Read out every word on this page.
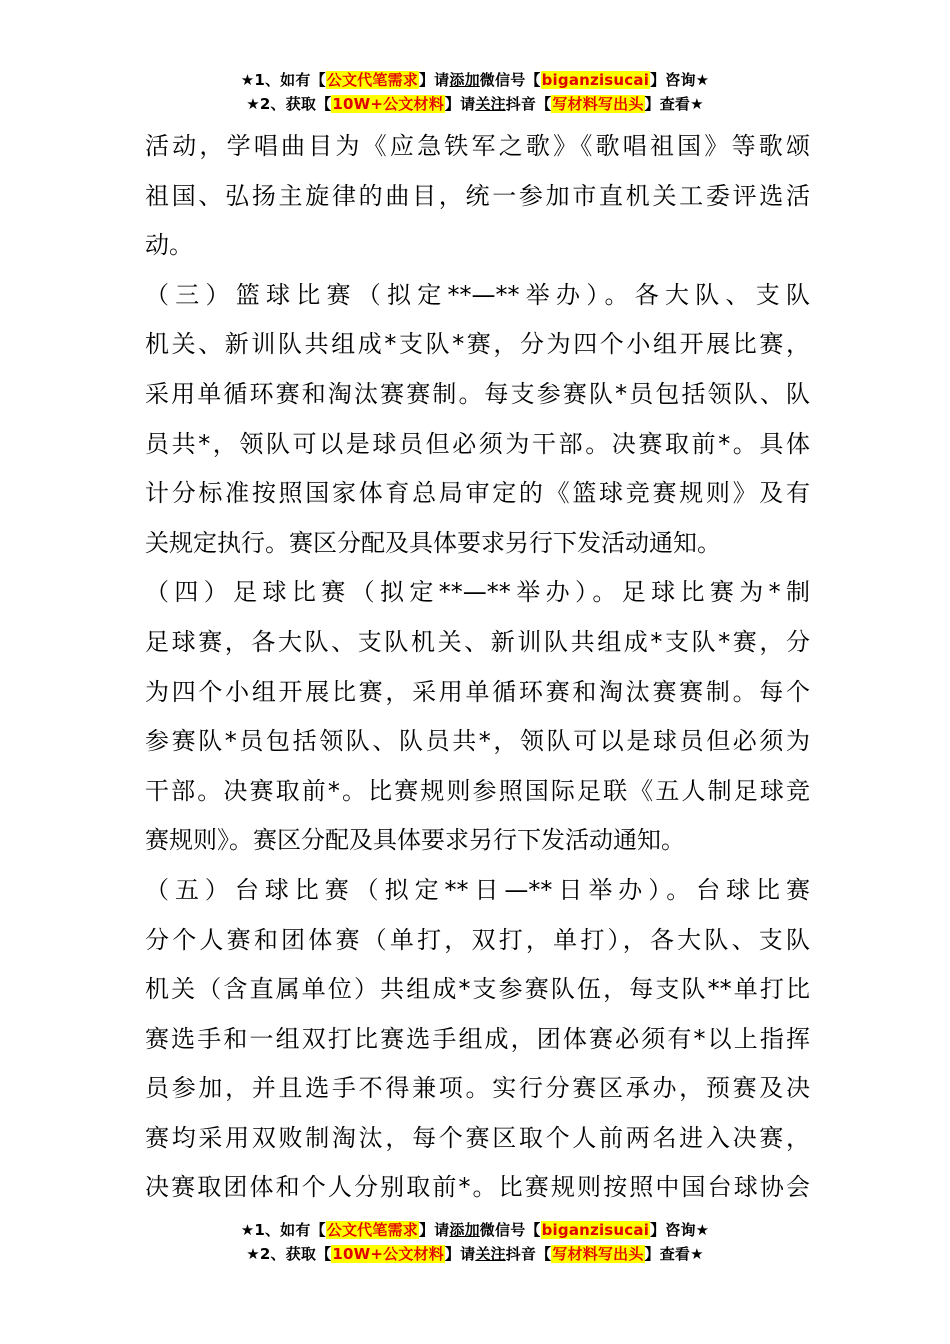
★1、如有【公文代笔需求】请添加微信号【biganzisucai】咨询★
★2、获取【10W+公文材料】请关注抖音【写材料写出头】查看★
活动，学唱曲目为《应急铁军之歌》《歌唱祖国》等歌颂
祖国、弘扬主旋律的曲目，统一参加市直机关工委评选活
动。
（三）篮球比赛（拟定**—**举办）。各大队、支队
机关、新训队共组成*支队*赛，分为四个小组开展比赛，
采用单循环赛和淘汰赛赛制。每支参赛队*员包括领队、队
员共*，领队可以是球员但必须为干部。决赛取前*。具体
计分标准按照国家体育总局审定的《篮球竞赛规则》及有
关规定执行。赛区分配及具体要求另行下发活动通知。
（四）足球比赛（拟定**—**举办）。足球比赛为*制
足球赛，各大队、支队机关、新训队共组成*支队*赛，分
为四个小组开展比赛，采用单循环赛和淘汰赛赛制。每个
参赛队*员包括领队、队员共*，领队可以是球员但必须为
干部。决赛取前*。比赛规则参照国际足联《五人制足球竞
赛规则》。赛区分配及具体要求另行下发活动通知。
（五）台球比赛（拟定**日—**日举办）。台球比赛
分个人赛和团体赛（单打，双打，单打），各大队、支队
机关（含直属单位）共组成*支参赛队伍，每支队**单打比
赛选手和一组双打比赛选手组成，团体赛必须有*以上指挥
员参加，并且选手不得兼项。实行分赛区承办，预赛及决
赛均采用双败制淘汰，每个赛区取个人前两名进入决赛，
决赛取团体和个人分别取前*。比赛规则按照中国台球协会
★1、如有【公文代笔需求】请添加微信号【biganzisucai】咨询★
★2、获取【10W+公文材料】请关注抖音【写材料写出头】查看★
